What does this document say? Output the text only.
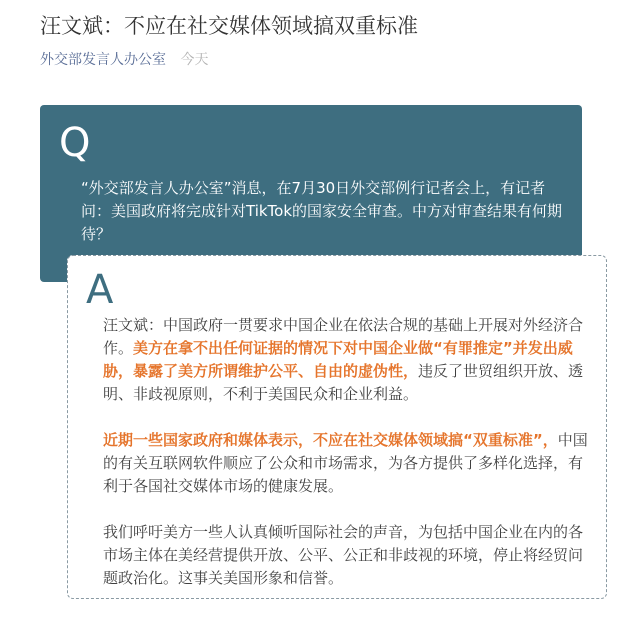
汪文斌：不应在社交媒体领域搞双重标准
外交部发言人办公室 今天
Q
“外交部发言人办公室”消息，在7月30日外交部例行记者会上，有记者问：美国政府将完成针对TikTok的国家安全审查。中方对审查结果有何期待？
A

汪文斌：中国政府一贯要求中国企业在依法合规的基础上开展对外经济合作。美方在拿不出任何证据的情况下对中国企业做“有罪推定”并发出威胁，暴露了美方所谓维护公平、自由的虚伪性，违反了世贸组织开放、透明、非歧视原则，不利于美国民众和企业利益。

近期一些国家政府和媒体表示，不应在社交媒体领域搞“双重标准”，中国的有关互联网软件顺应了公众和市场需求，为各方提供了多样化选择，有利于各国社交媒体市场的健康发展。

我们呼吁美方一些人认真倾听国际社会的声音，为包括中国企业在内的各市场主体在美经营提供开放、公平、公正和非歧视的环境，停止将经贸问题政治化。这事关美国形象和信誉。
